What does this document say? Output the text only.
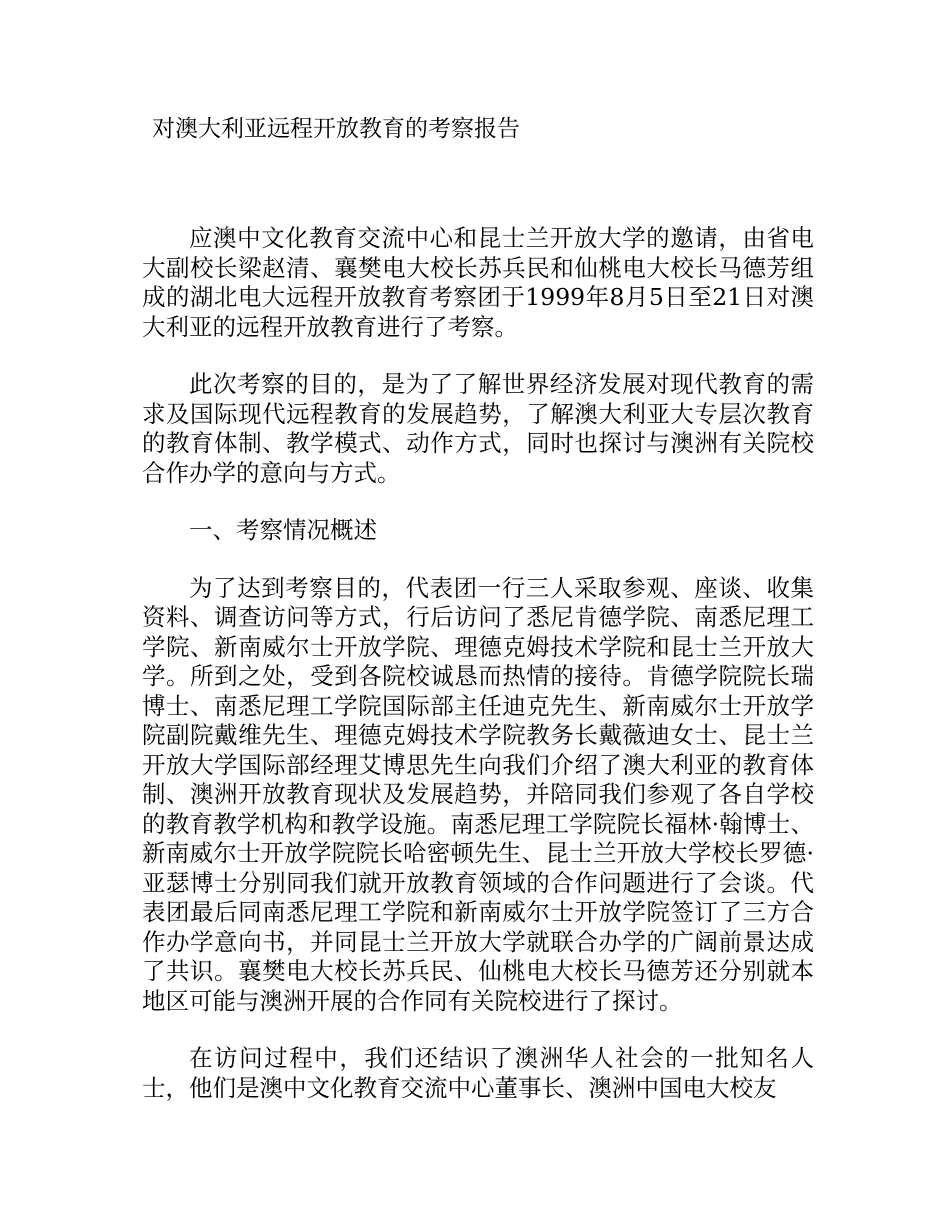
对澳大利亚远程开放教育的考察报告

应澳中文化教育交流中心和昆士兰开放大学的邀请，由省电大副校长梁赵清、襄樊电大校长苏兵民和仙桃电大校长马德芳组成的湖北电大远程开放教育考察团于1999年8月5日至21日对澳大利亚的远程开放教育进行了考察。

此次考察的目的，是为了了解世界经济发展对现代教育的需求及国际现代远程教育的发展趋势，了解澳大利亚大专层次教育的教育体制、教学模式、动作方式，同时也探讨与澳洲有关院校合作办学的意向与方式。

一、考察情况概述

为了达到考察目的，代表团一行三人采取参观、座谈、收集资料、调查访问等方式，行后访问了悉尼肯德学院、南悉尼理工学院、新南威尔士开放学院、理德克姆技术学院和昆士兰开放大学。所到之处，受到各院校诚恳而热情的接待。肯德学院院长瑞博士、南悉尼理工学院国际部主任迪克先生、新南威尔士开放学院副院戴维先生、理德克姆技术学院教务长戴薇迪女士、昆士兰开放大学国际部经理艾博思先生向我们介绍了澳大利亚的教育体制、澳洲开放教育现状及发展趋势，并陪同我们参观了各自学校的教育教学机构和教学设施。南悉尼理工学院院长福林·翰博士、新南威尔士开放学院院长哈密顿先生、昆士兰开放大学校长罗德·亚瑟博士分别同我们就开放教育领域的合作问题进行了会谈。代表团最后同南悉尼理工学院和新南威尔士开放学院签订了三方合作办学意向书，并同昆士兰开放大学就联合办学的广阔前景达成了共识。襄樊电大校长苏兵民、仙桃电大校长马德芳还分别就本地区可能与澳洲开展的合作同有关院校进行了探讨。

在访问过程中，我们还结识了澳洲华人社会的一批知名人士，他们是澳中文化教育交流中心董事长、澳洲中国电大校友
